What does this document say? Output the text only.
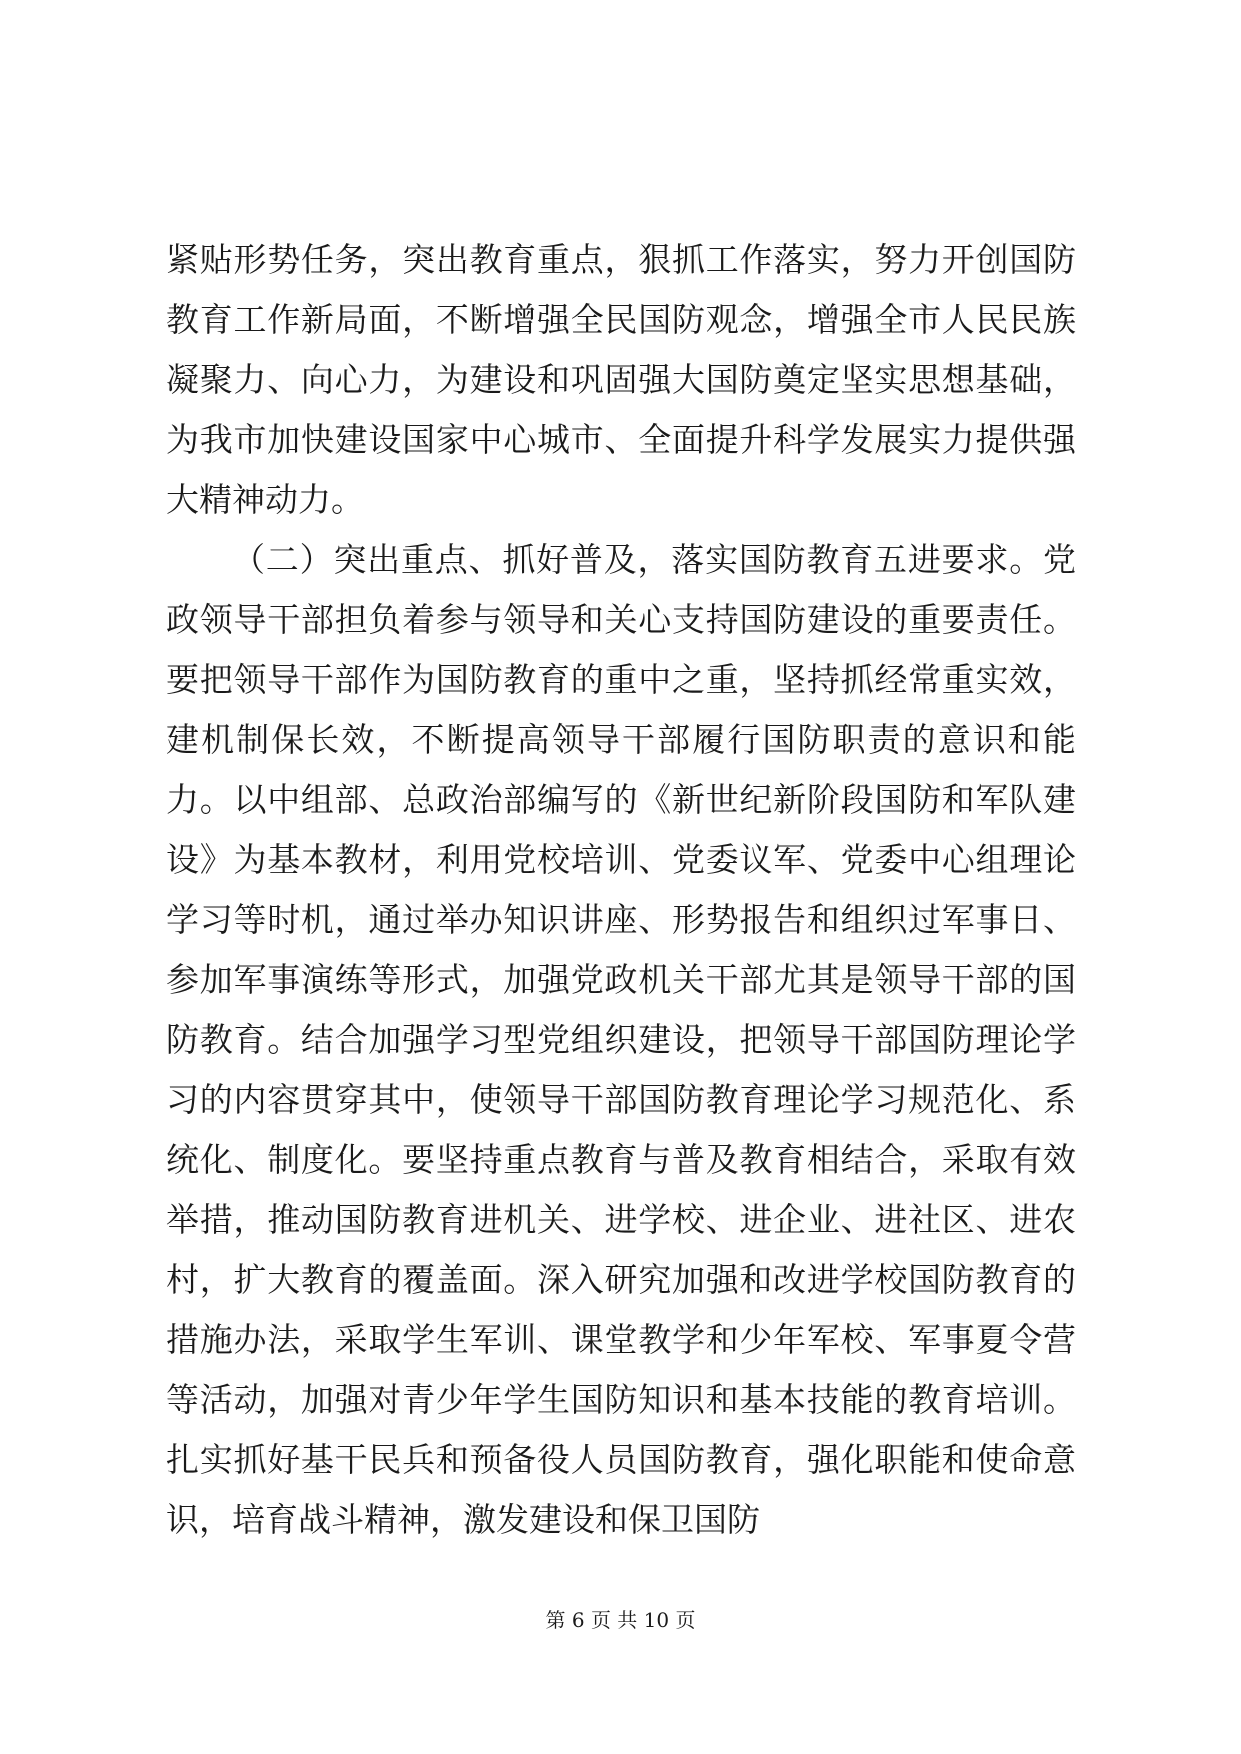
紧贴形势任务，突出教育重点，狠抓工作落实，努力开创国防教育工作新局面，不断增强全民国防观念，增强全市人民民族凝聚力、向心力，为建设和巩固强大国防奠定坚实思想基础，为我市加快建设国家中心城市、全面提升科学发展实力提供强大精神动力。

（二）突出重点、抓好普及，落实国防教育五进要求。党政领导干部担负着参与领导和关心支持国防建设的重要责任。要把领导干部作为国防教育的重中之重，坚持抓经常重实效，建机制保长效，不断提高领导干部履行国防职责的意识和能力。以中组部、总政治部编写的《新世纪新阶段国防和军队建设》为基本教材，利用党校培训、党委议军、党委中心组理论学习等时机，通过举办知识讲座、形势报告和组织过军事日、参加军事演练等形式，加强党政机关干部尤其是领导干部的国防教育。结合加强学习型党组织建设，把领导干部国防理论学习的内容贯穿其中，使领导干部国防教育理论学习规范化、系统化、制度化。要坚持重点教育与普及教育相结合，采取有效举措，推动国防教育进机关、进学校、进企业、进社区、进农村，扩大教育的覆盖面。深入研究加强和改进学校国防教育的措施办法，采取学生军训、课堂教学和少年军校、军事夏令营等活动，加强对青少年学生国防知识和基本技能的教育培训。扎实抓好基干民兵和预备役人员国防教育，强化职能和使命意识，培育战斗精神，激发建设和保卫国防

第 6 页 共 10 页
